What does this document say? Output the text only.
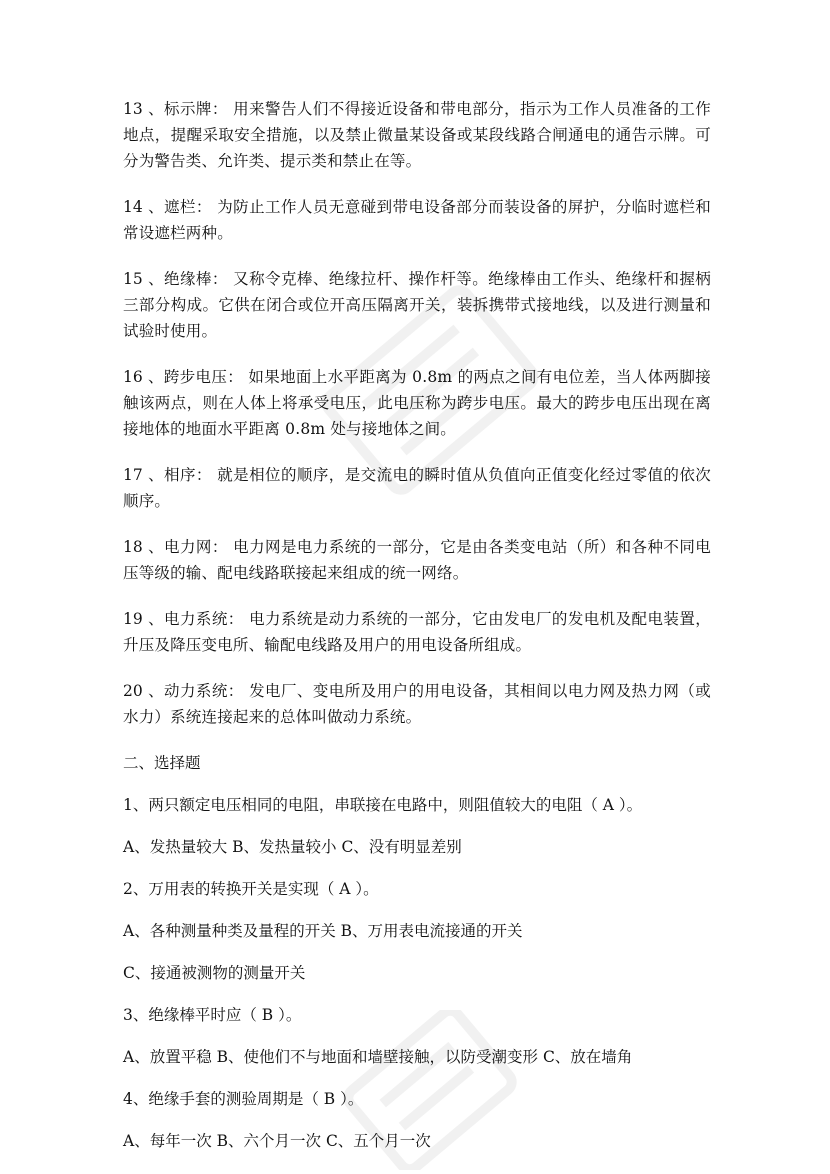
13 、标示牌： 用来警告人们不得接近设备和带电部分，指示为工作人员准备的工作地点，提醒采取安全措施，以及禁止微量某设备或某段线路合闸通电的通告示牌。可分为警告类、允许类、提示类和禁止在等。

14 、遮栏： 为防止工作人员无意碰到带电设备部分而装设备的屏护，分临时遮栏和常设遮栏两种。

15 、绝缘棒： 又称令克棒、绝缘拉杆、操作杆等。绝缘棒由工作头、绝缘杆和握柄三部分构成。它供在闭合或位开高压隔离开关，装拆携带式接地线，以及进行测量和试验时使用。

16 、跨步电压： 如果地面上水平距离为 0.8m 的两点之间有电位差，当人体两脚接触该两点，则在人体上将承受电压，此电压称为跨步电压。最大的跨步电压出现在离接地体的地面水平距离 0.8m 处与接地体之间。

17 、相序： 就是相位的顺序，是交流电的瞬时值从负值向正值变化经过零值的依次顺序。

18 、电力网： 电力网是电力系统的一部分，它是由各类变电站（所）和各种不同电压等级的输、配电线路联接起来组成的统一网络。

19 、电力系统： 电力系统是动力系统的一部分，它由发电厂的发电机及配电装置，升压及降压变电所、输配电线路及用户的用电设备所组成。

20 、动力系统： 发电厂、变电所及用户的用电设备，其相间以电力网及热力网（或水力）系统连接起来的总体叫做动力系统。

二、选择题

1、两只额定电压相同的电阻，串联接在电路中，则阻值较大的电阻（ A ）。

A、发热量较大 B、发热量较小 C、没有明显差别

2、万用表的转换开关是实现（ A ）。

A、各种测量种类及量程的开关 B、万用表电流接通的开关

C、接通被测物的测量开关

3、绝缘棒平时应（ B ）。

A、放置平稳 B、使他们不与地面和墙壁接触，以防受潮变形 C、放在墙角

4、绝缘手套的测验周期是（ B ）。

A、每年一次 B、六个月一次 C、五个月一次
